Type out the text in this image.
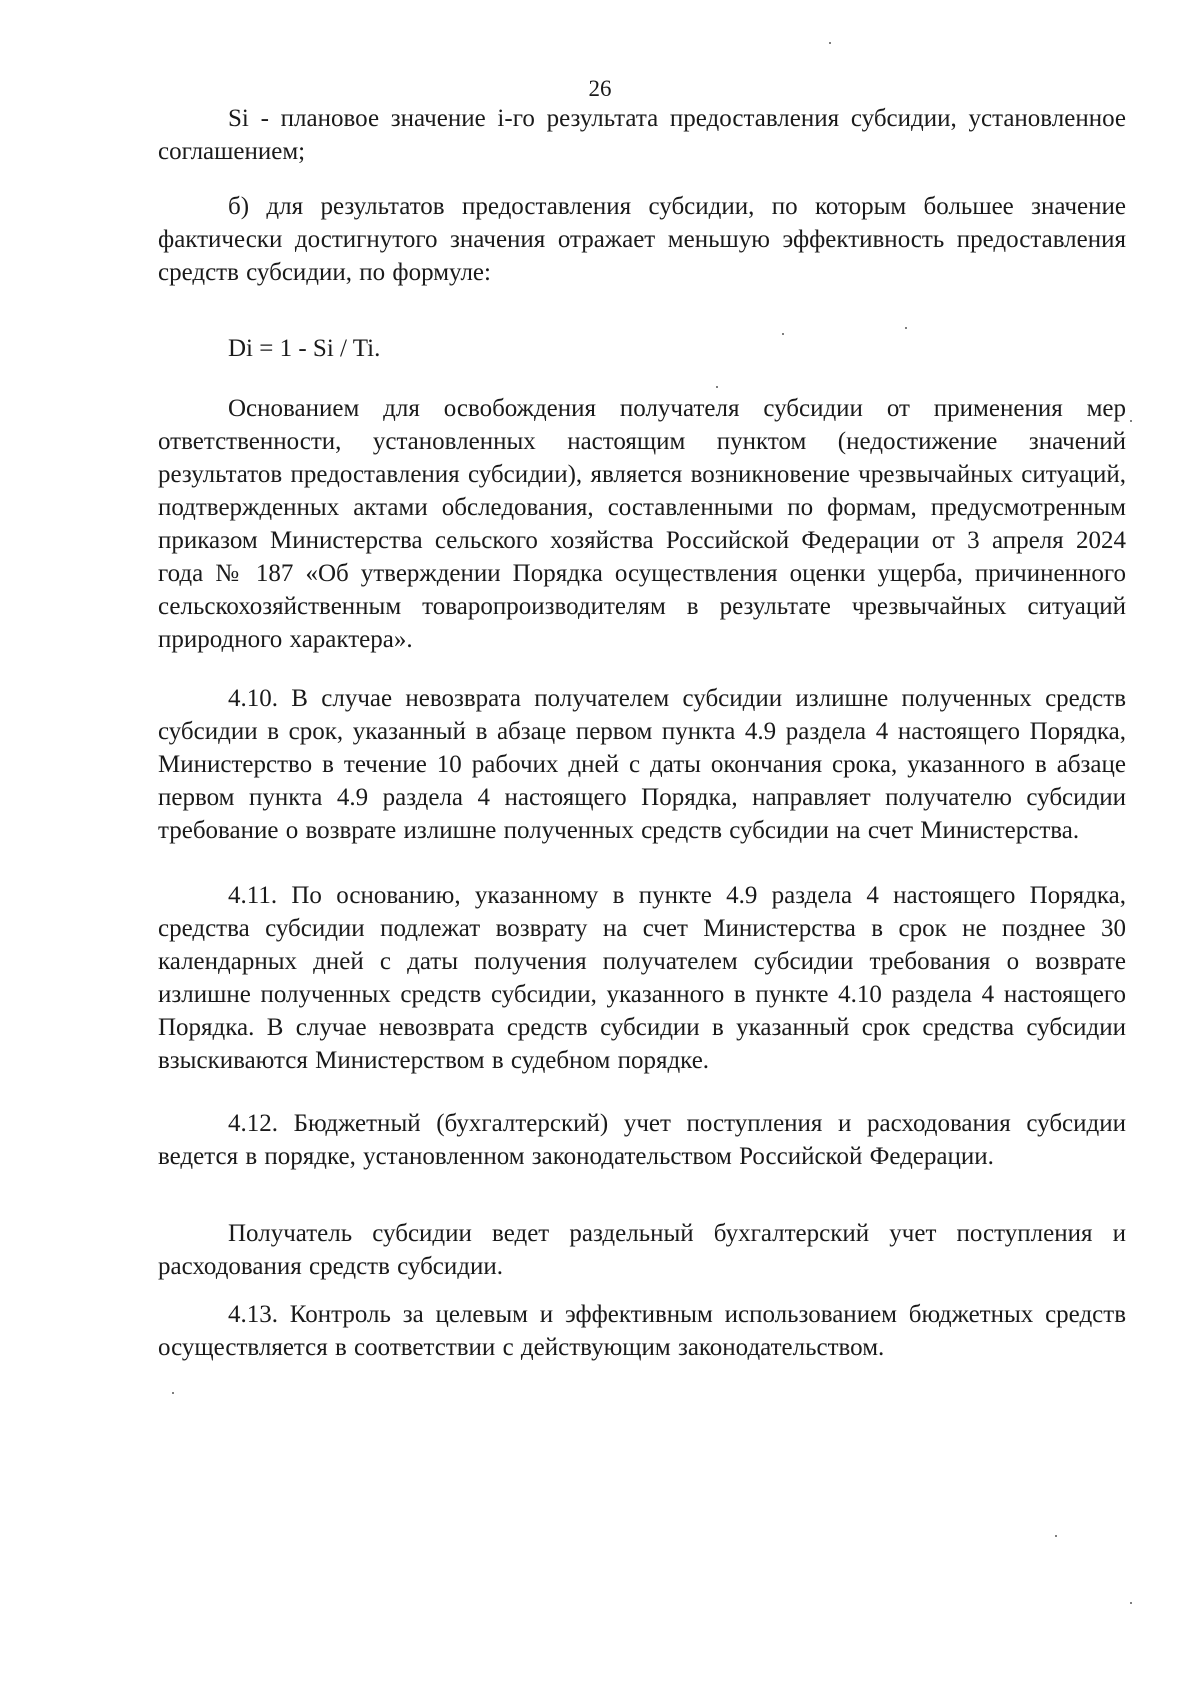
26

Si - плановое значение i-го результата предоставления субсидии, установленное соглашением;

б) для результатов предоставления субсидии, по которым большее значение фактически достигнутого значения отражает меньшую эффективность предоставления средств субсидии, по формуле:

Di = 1 - Si / Ti.

Основанием для освобождения получателя субсидии от применения мер ответственности, установленных настоящим пунктом (недостижение значений результатов предоставления субсидии), является возникновение чрезвычайных ситуаций, подтвержденных актами обследования, составленными по формам, предусмотренным приказом Министерства сельского хозяйства Российской Федерации от 3 апреля 2024 года № 187 «Об утверждении Порядка осуществления оценки ущерба, причиненного сельскохозяйственным товаропроизводителям в результате чрезвычайных ситуаций природного характера».

4.10. В случае невозврата получателем субсидии излишне полученных средств субсидии в срок, указанный в абзаце первом пункта 4.9 раздела 4 настоящего Порядка, Министерство в течение 10 рабочих дней с даты окончания срока, указанного в абзаце первом пункта 4.9 раздела 4 настоящего Порядка, направляет получателю субсидии требование о возврате излишне полученных средств субсидии на счет Министерства.

4.11. По основанию, указанному в пункте 4.9 раздела 4 настоящего Порядка, средства субсидии подлежат возврату на счет Министерства в срок не позднее 30 календарных дней с даты получения получателем субсидии требования о возврате излишне полученных средств субсидии, указанного в пункте 4.10 раздела 4 настоящего Порядка. В случае невозврата средств субсидии в указанный срок средства субсидии взыскиваются Министерством в судебном порядке.

4.12. Бюджетный (бухгалтерский) учет поступления и расходования субсидии ведется в порядке, установленном законодательством Российской Федерации.

Получатель субсидии ведет раздельный бухгалтерский учет поступления и расходования средств субсидии.

4.13. Контроль за целевым и эффективным использованием бюджетных средств осуществляется в соответствии с действующим законодательством.
